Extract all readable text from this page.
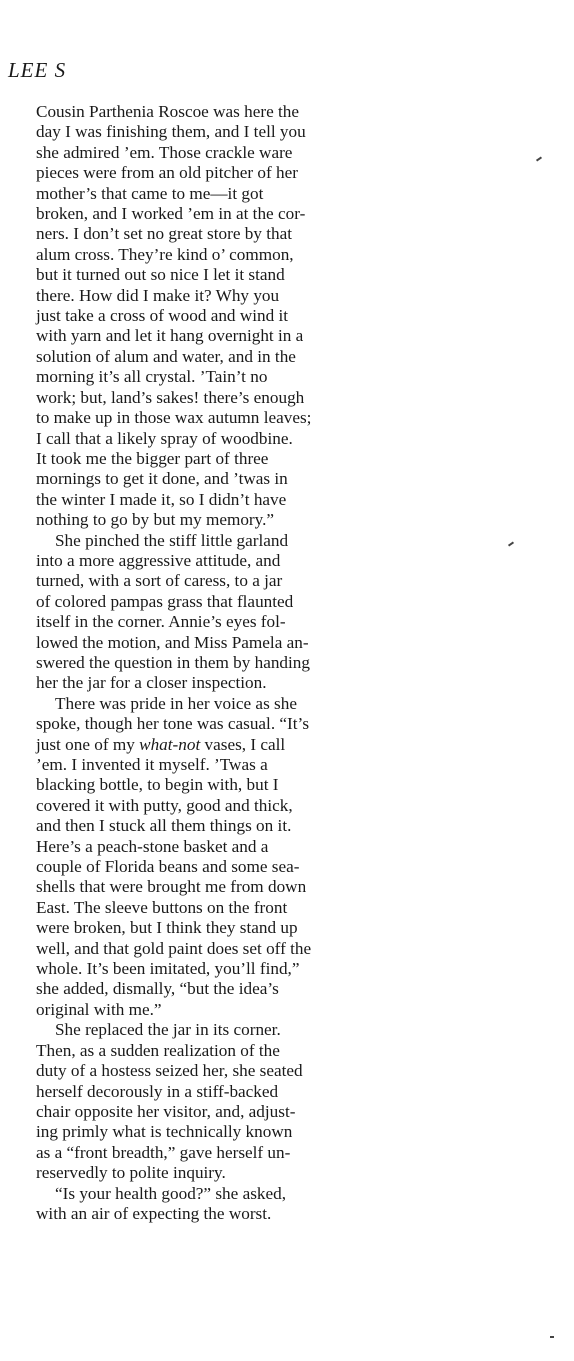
LEE S

Cousin Parthenia Roscoe was here the
day I was finishing them, and I tell you
she admired ’em. Those crackle ware
pieces were from an old pitcher of her
mother’s that came to me—it got
broken, and I worked ’em in at the cor-
ners. I don’t set no great store by that
alum cross. They’re kind o’ common,
but it turned out so nice I let it stand
there. How did I make it? Why you
just take a cross of wood and wind it
with yarn and let it hang overnight in a
solution of alum and water, and in the
morning it’s all crystal. ’Tain’t no
work; but, land’s sakes! there’s enough
to make up in those wax autumn leaves;
I call that a likely spray of woodbine.
It took me the bigger part of three
mornings to get it done, and ’twas in
the winter I made it, so I didn’t have
nothing to go by but my memory.”

She pinched the stiff little garland
into a more aggressive attitude, and
turned, with a sort of caress, to a jar
of colored pampas grass that flaunted
itself in the corner. Annie’s eyes fol-
lowed the motion, and Miss Pamela an-
swered the question in them by handing
her the jar for a closer inspection.

There was pride in her voice as she
spoke, though her tone was casual. “It’s
just one of my what-not vases, I call
’em. I invented it myself. ’Twas a
blacking bottle, to begin with, but I
covered it with putty, good and thick,
and then I stuck all them things on it.
Here’s a peach-stone basket and a
couple of Florida beans and some sea-
shells that were brought me from down
East. The sleeve buttons on the front
were broken, but I think they stand up
well, and that gold paint does set off the
whole. It’s been imitated, you’ll find,”
she added, dismally, “but the idea’s
original with me.”

She replaced the jar in its corner.
Then, as a sudden realization of the
duty of a hostess seized her, she seated
herself decorously in a stiff-backed
chair opposite her visitor, and, adjust-
ing primly what is technically known
as a “front breadth,” gave herself un-
reservedly to polite inquiry.

“Is your health good?” she asked,
with an air of expecting the worst.
